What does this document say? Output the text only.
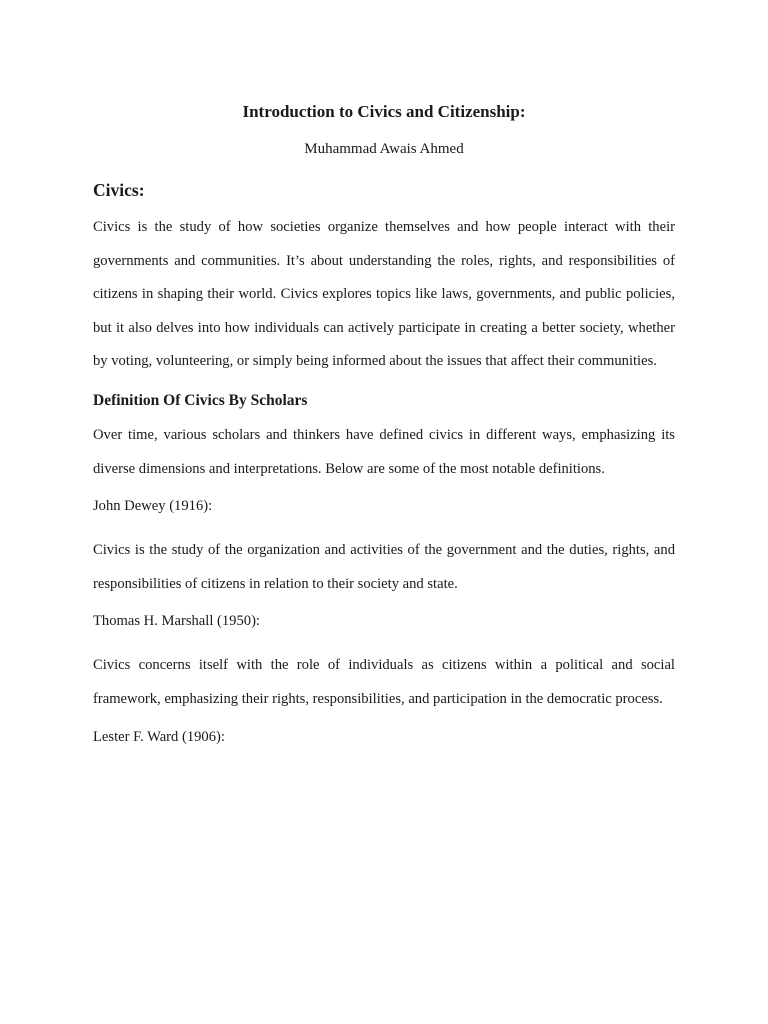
Introduction to Civics and Citizenship:

Muhammad Awais Ahmed

Civics:

Civics is the study of how societies organize themselves and how people interact with their governments and communities. It’s about understanding the roles, rights, and responsibilities of citizens in shaping their world. Civics explores topics like laws, governments, and public policies, but it also delves into how individuals can actively participate in creating a better society, whether by voting, volunteering, or simply being informed about the issues that affect their communities.

Definition Of Civics By Scholars

Over time, various scholars and thinkers have defined civics in different ways, emphasizing its diverse dimensions and interpretations. Below are some of the most notable definitions.

John Dewey (1916):

Civics is the study of the organization and activities of the government and the duties, rights, and responsibilities of citizens in relation to their society and state.

Thomas H. Marshall (1950):

Civics concerns itself with the role of individuals as citizens within a political and social framework, emphasizing their rights, responsibilities, and participation in the democratic process.

Lester F. Ward (1906):
